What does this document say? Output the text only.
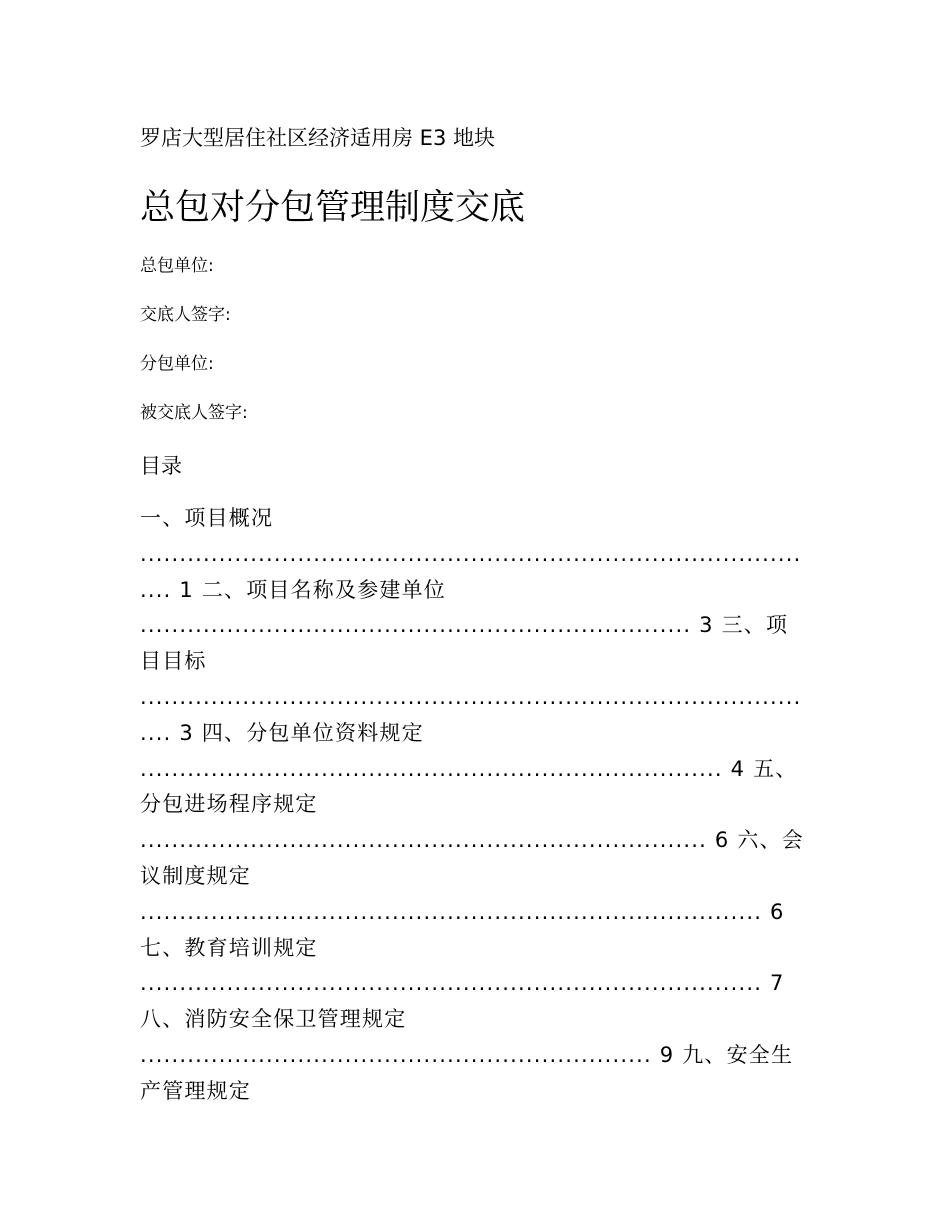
罗店大型居住社区经济适用房 E3 地块
总包对分包管理制度交底
总包单位:
交底人签字:
分包单位:
被交底人签字:
目录
一、项目概况 ........................................................................................ 1 二、项目名称及参建单位 ...................................................................... 3 三、项目目标 ........................................................................................ 3 四、分包单位资料规定 .......................................................................... 4 五、分包进场程序规定 ........................................................................ 6 六、会议制度规定 ............................................................................... 6 七、教育培训规定 ............................................................................... 7 八、消防安全保卫管理规定 ................................................................. 9 九、安全生产管理规定
